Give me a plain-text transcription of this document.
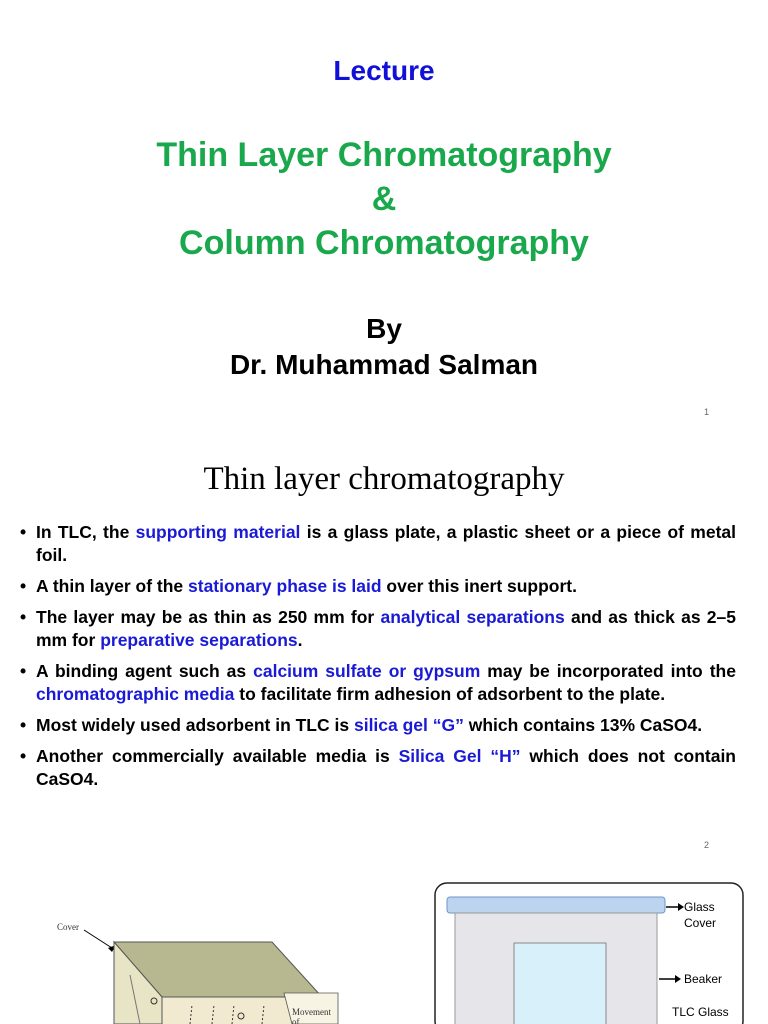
Lecture
Thin Layer Chromatography
&
Column Chromatography
By
Dr. Muhammad Salman
1
Thin layer chromatography
• In TLC, the supporting material is a glass plate, a plastic sheet or a piece of metal foil.
• A thin layer of the stationary phase is laid over this inert support.
• The layer may be as thin as 250 mm for analytical separations and as thick as 2–5 mm for preparative separations.
• A binding agent such as calcium sulfate or gypsum may be incorporated into the chromatographic media to facilitate firm adhesion of adsorbent to the plate.
• Most widely used adsorbent in TLC is silica gel “G” which contains 13% CaSO4.
• Another commercially available media is Silica Gel “H” which does not contain CaSO4.
2
Cover
Movement
of
Glass
Cover
Beaker
TLC Glass
